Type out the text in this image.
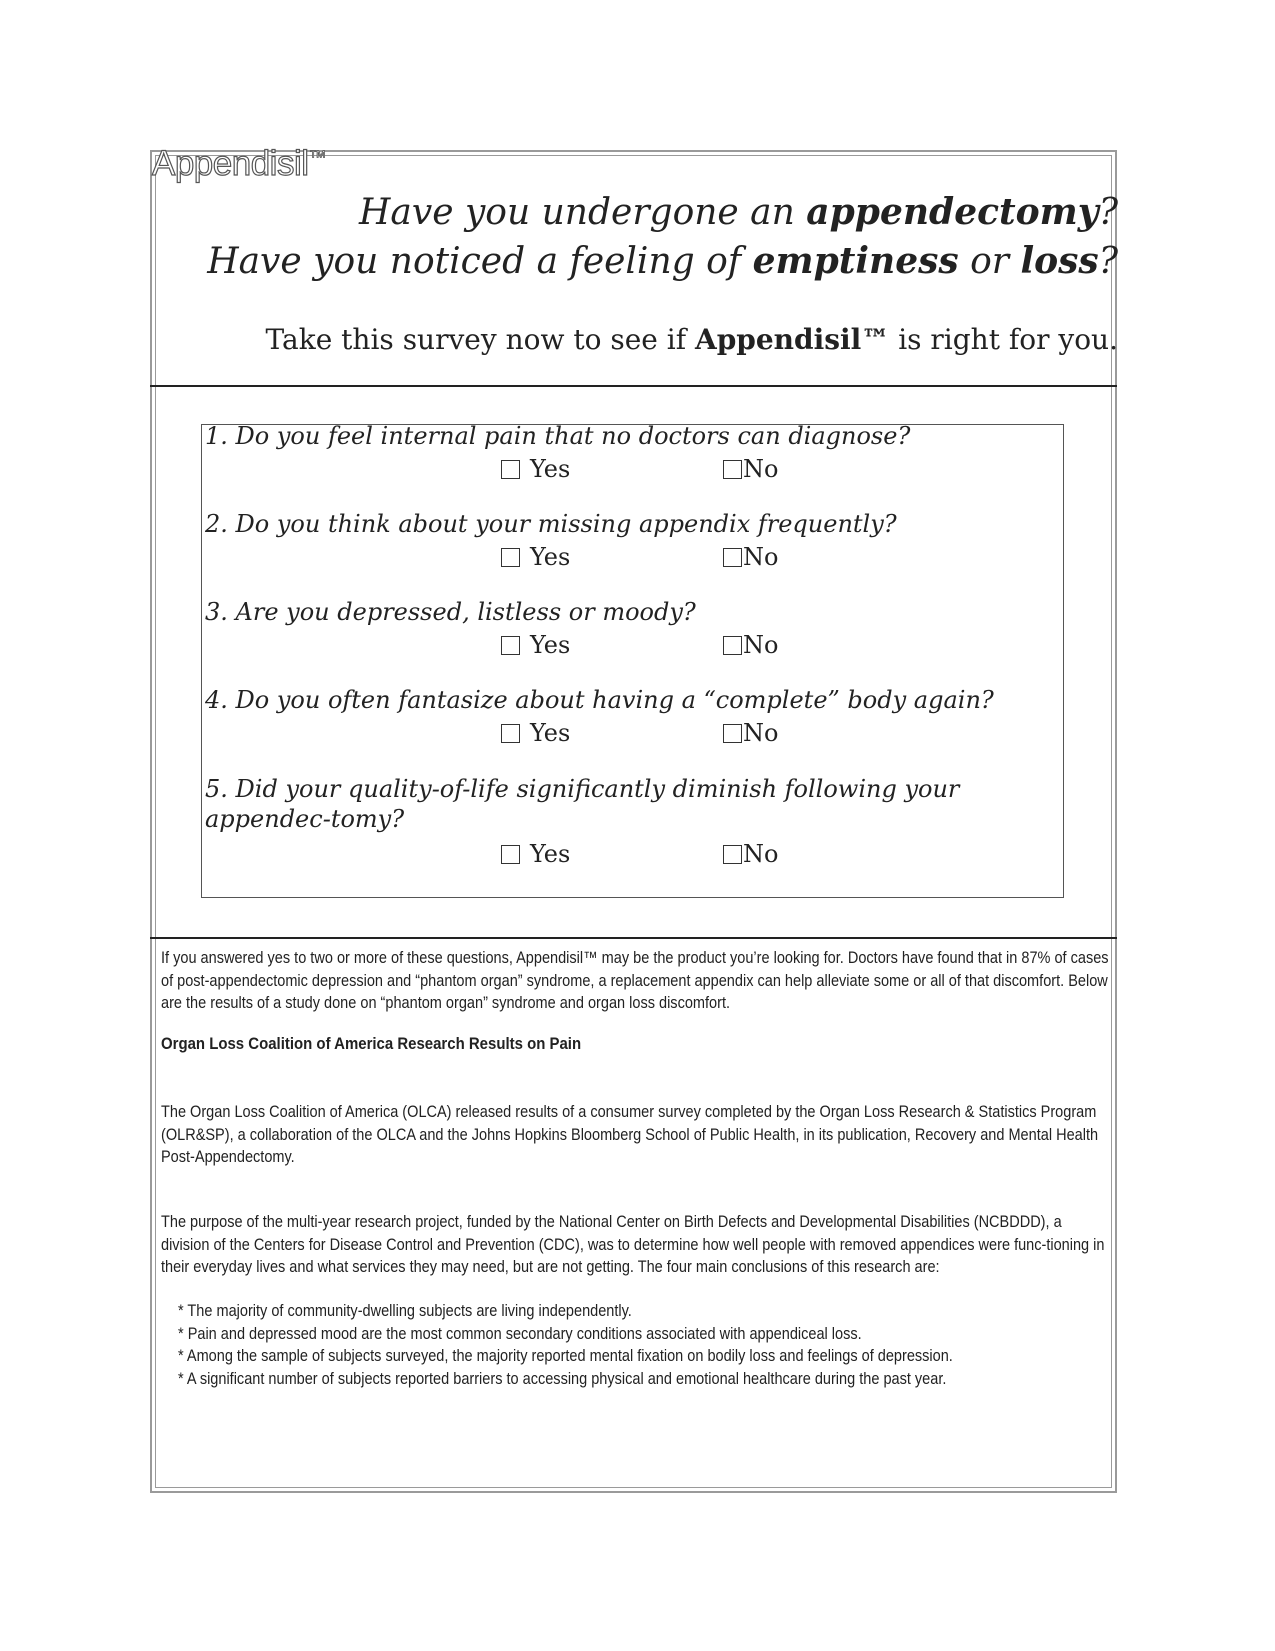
Appendisil™
Have you undergone an appendectomy?
Have you noticed a feeling of emptiness or loss?
Take this survey now to see if Appendisil™ is right for you.
1. Do you feel internal pain that no doctors can diagnose?
Yes	No
2. Do you think about your missing appendix frequently?
Yes	No
3. Are you depressed, listless or moody?
Yes	No
4. Do you often fantasize about having a “complete” body again?
Yes	No
5. Did your quality-of-life significantly diminish following your appendec-tomy?
Yes	No
If you answered yes to two or more of these questions, Appendisil™ may be the product you’re looking for. Doctors have found that in 87% of cases of post-appendectomic depression and “phantom organ” syndrome, a replacement appendix can help alleviate some or all of that discomfort. Below are the results of a study done on “phantom organ” syndrome and organ loss discomfort.
Organ Loss Coalition of America Research Results on Pain
The Organ Loss Coalition of America (OLCA) released results of a consumer survey completed by the Organ Loss Research & Statistics Program (OLR&SP), a collaboration of the OLCA and the Johns Hopkins Bloomberg School of Public Health, in its publication, Recovery and Mental Health Post-Appendectomy.
The purpose of the multi-year research project, funded by the National Center on Birth Defects and Developmental Disabilities (NCBDDD), a division of the Centers for Disease Control and Prevention (CDC), was to determine how well people with removed appendices were func-tioning in their everyday lives and what services they may need, but are not getting. The four main conclusions of this research are:
* The majority of community-dwelling subjects are living independently.
* Pain and depressed mood are the most common secondary conditions associated with appendiceal loss.
* Among the sample of subjects surveyed, the majority reported mental fixation on bodily loss and feelings of depression.
* A significant number of subjects reported barriers to accessing physical and emotional healthcare during the past year.
